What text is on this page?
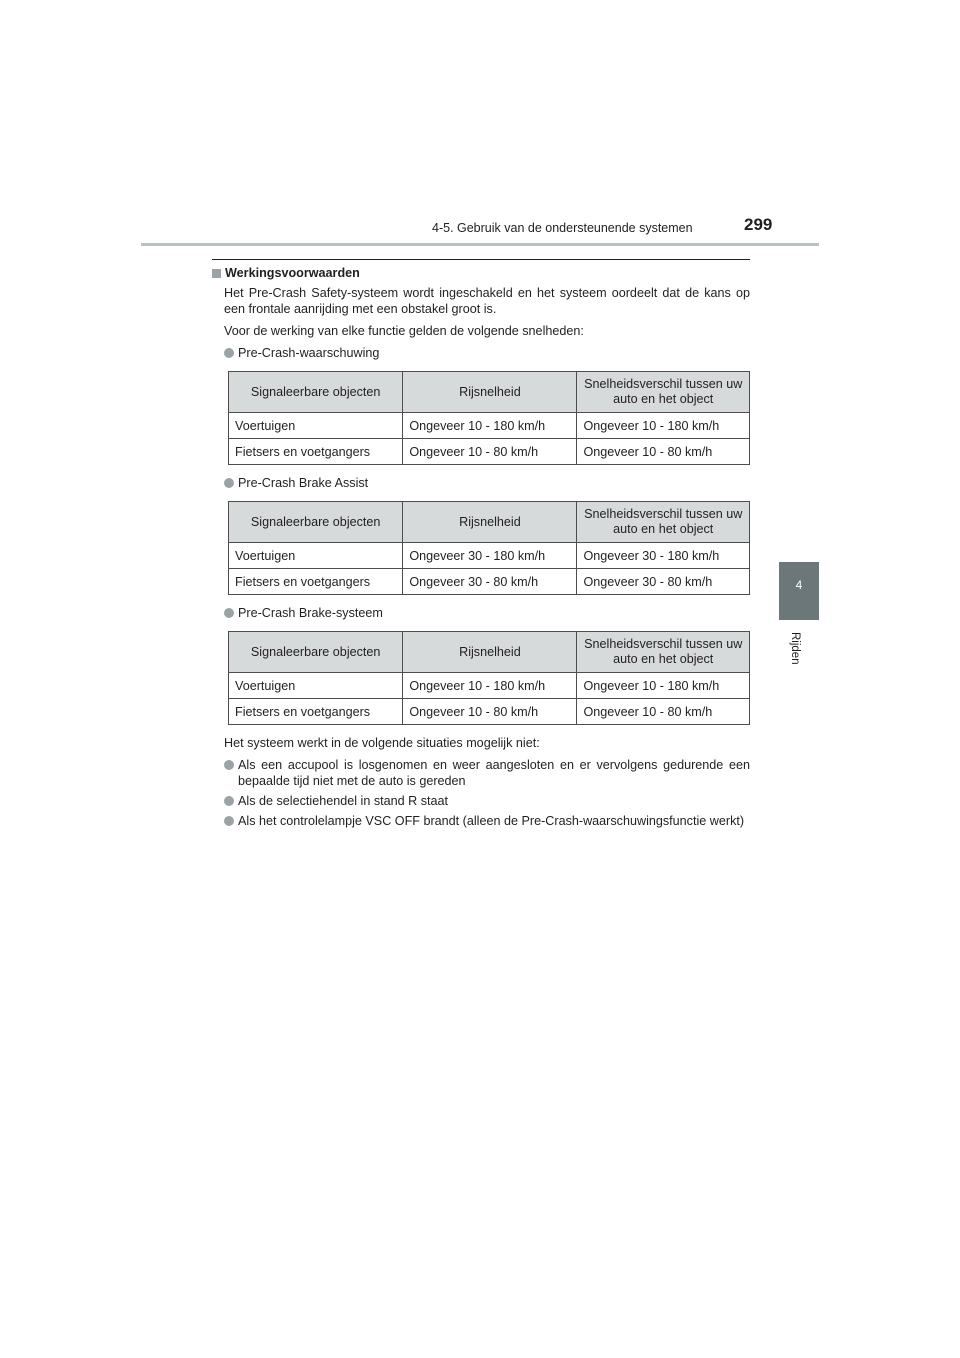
4-5. Gebruik van de ondersteunende systemen	299
4
Rijden
Werkingsvoorwaarden
Het Pre-Crash Safety-systeem wordt ingeschakeld en het systeem oordeelt dat de kans op een frontale aanrijding met een obstakel groot is.
Voor de werking van elke functie gelden de volgende snelheden:
Pre-Crash-waarschuwing
Signaleerbare objecten	Rijsnelheid	Snelheidsverschil tussen uw auto en het object
Voertuigen	Ongeveer 10 - 180 km/h	Ongeveer 10 - 180 km/h
Fietsers en voetgangers	Ongeveer 10 - 80 km/h	Ongeveer 10 - 80 km/h
Pre-Crash Brake Assist
Signaleerbare objecten	Rijsnelheid	Snelheidsverschil tussen uw auto en het object
Voertuigen	Ongeveer 30 - 180 km/h	Ongeveer 30 - 180 km/h
Fietsers en voetgangers	Ongeveer 30 - 80 km/h	Ongeveer 30 - 80 km/h
Pre-Crash Brake-systeem
Signaleerbare objecten	Rijsnelheid	Snelheidsverschil tussen uw auto en het object
Voertuigen	Ongeveer 10 - 180 km/h	Ongeveer 10 - 180 km/h
Fietsers en voetgangers	Ongeveer 10 - 80 km/h	Ongeveer 10 - 80 km/h
Het systeem werkt in de volgende situaties mogelijk niet:
Als een accupool is losgenomen en weer aangesloten en er vervolgens gedurende een bepaalde tijd niet met de auto is gereden
Als de selectiehendel in stand R staat
Als het controlelampje VSC OFF brandt (alleen de Pre-Crash-waarschuwingsfunctie werkt)
